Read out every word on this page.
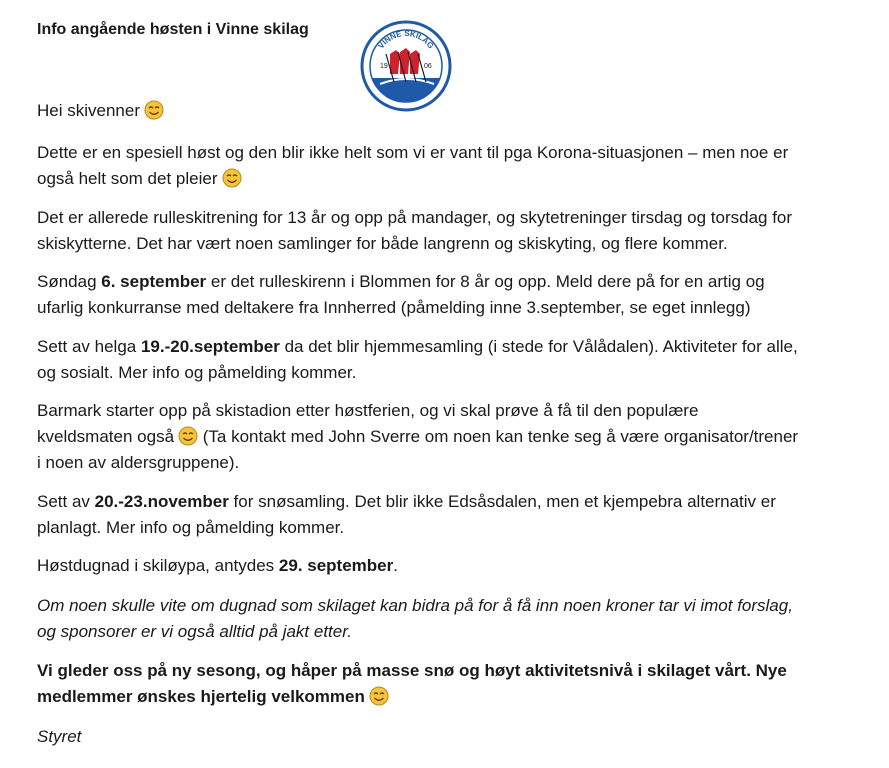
Info angående høsten i Vinne skilag
19	06
VINNE SKILAG

Hei skivenner

Dette er en spesiell høst og den blir ikke helt som vi er vant til pga Korona-situasjonen – men noe er
også helt som det pleier

Det er allerede rulleskitrening for 13 år og opp på mandager, og skytetreninger tirsdag og torsdag for
skiskytterne. Det har vært noen samlinger for både langrenn og skiskyting, og flere kommer.

Søndag 6. september er det rulleskirenn i Blommen for 8 år og opp. Meld dere på for en artig og
ufarlig konkurranse med deltakere fra Innherred (påmelding inne 3.september, se eget innlegg)

Sett av helga 19.-20.september da det blir hjemmesamling (i stede for Vålådalen). Aktiviteter for alle,
og sosialt. Mer info og påmelding kommer.

Barmark starter opp på skistadion etter høstferien, og vi skal prøve å få til den populære
kveldsmaten også (Ta kontakt med John Sverre om noen kan tenke seg å være organisator/trener
i noen av aldersgruppene).

Sett av 20.-23.november for snøsamling. Det blir ikke Edsåsdalen, men et kjempebra alternativ er
planlagt. Mer info og påmelding kommer.

Høstdugnad i skiløypa, antydes 29. september.

Om noen skulle vite om dugnad som skilaget kan bidra på for å få inn noen kroner tar vi imot forslag,
og sponsorer er vi også alltid på jakt etter.

Vi gleder oss på ny sesong, og håper på masse snø og høyt aktivitetsnivå i skilaget vårt. Nye
medlemmer ønskes hjertelig velkommen

Styret
